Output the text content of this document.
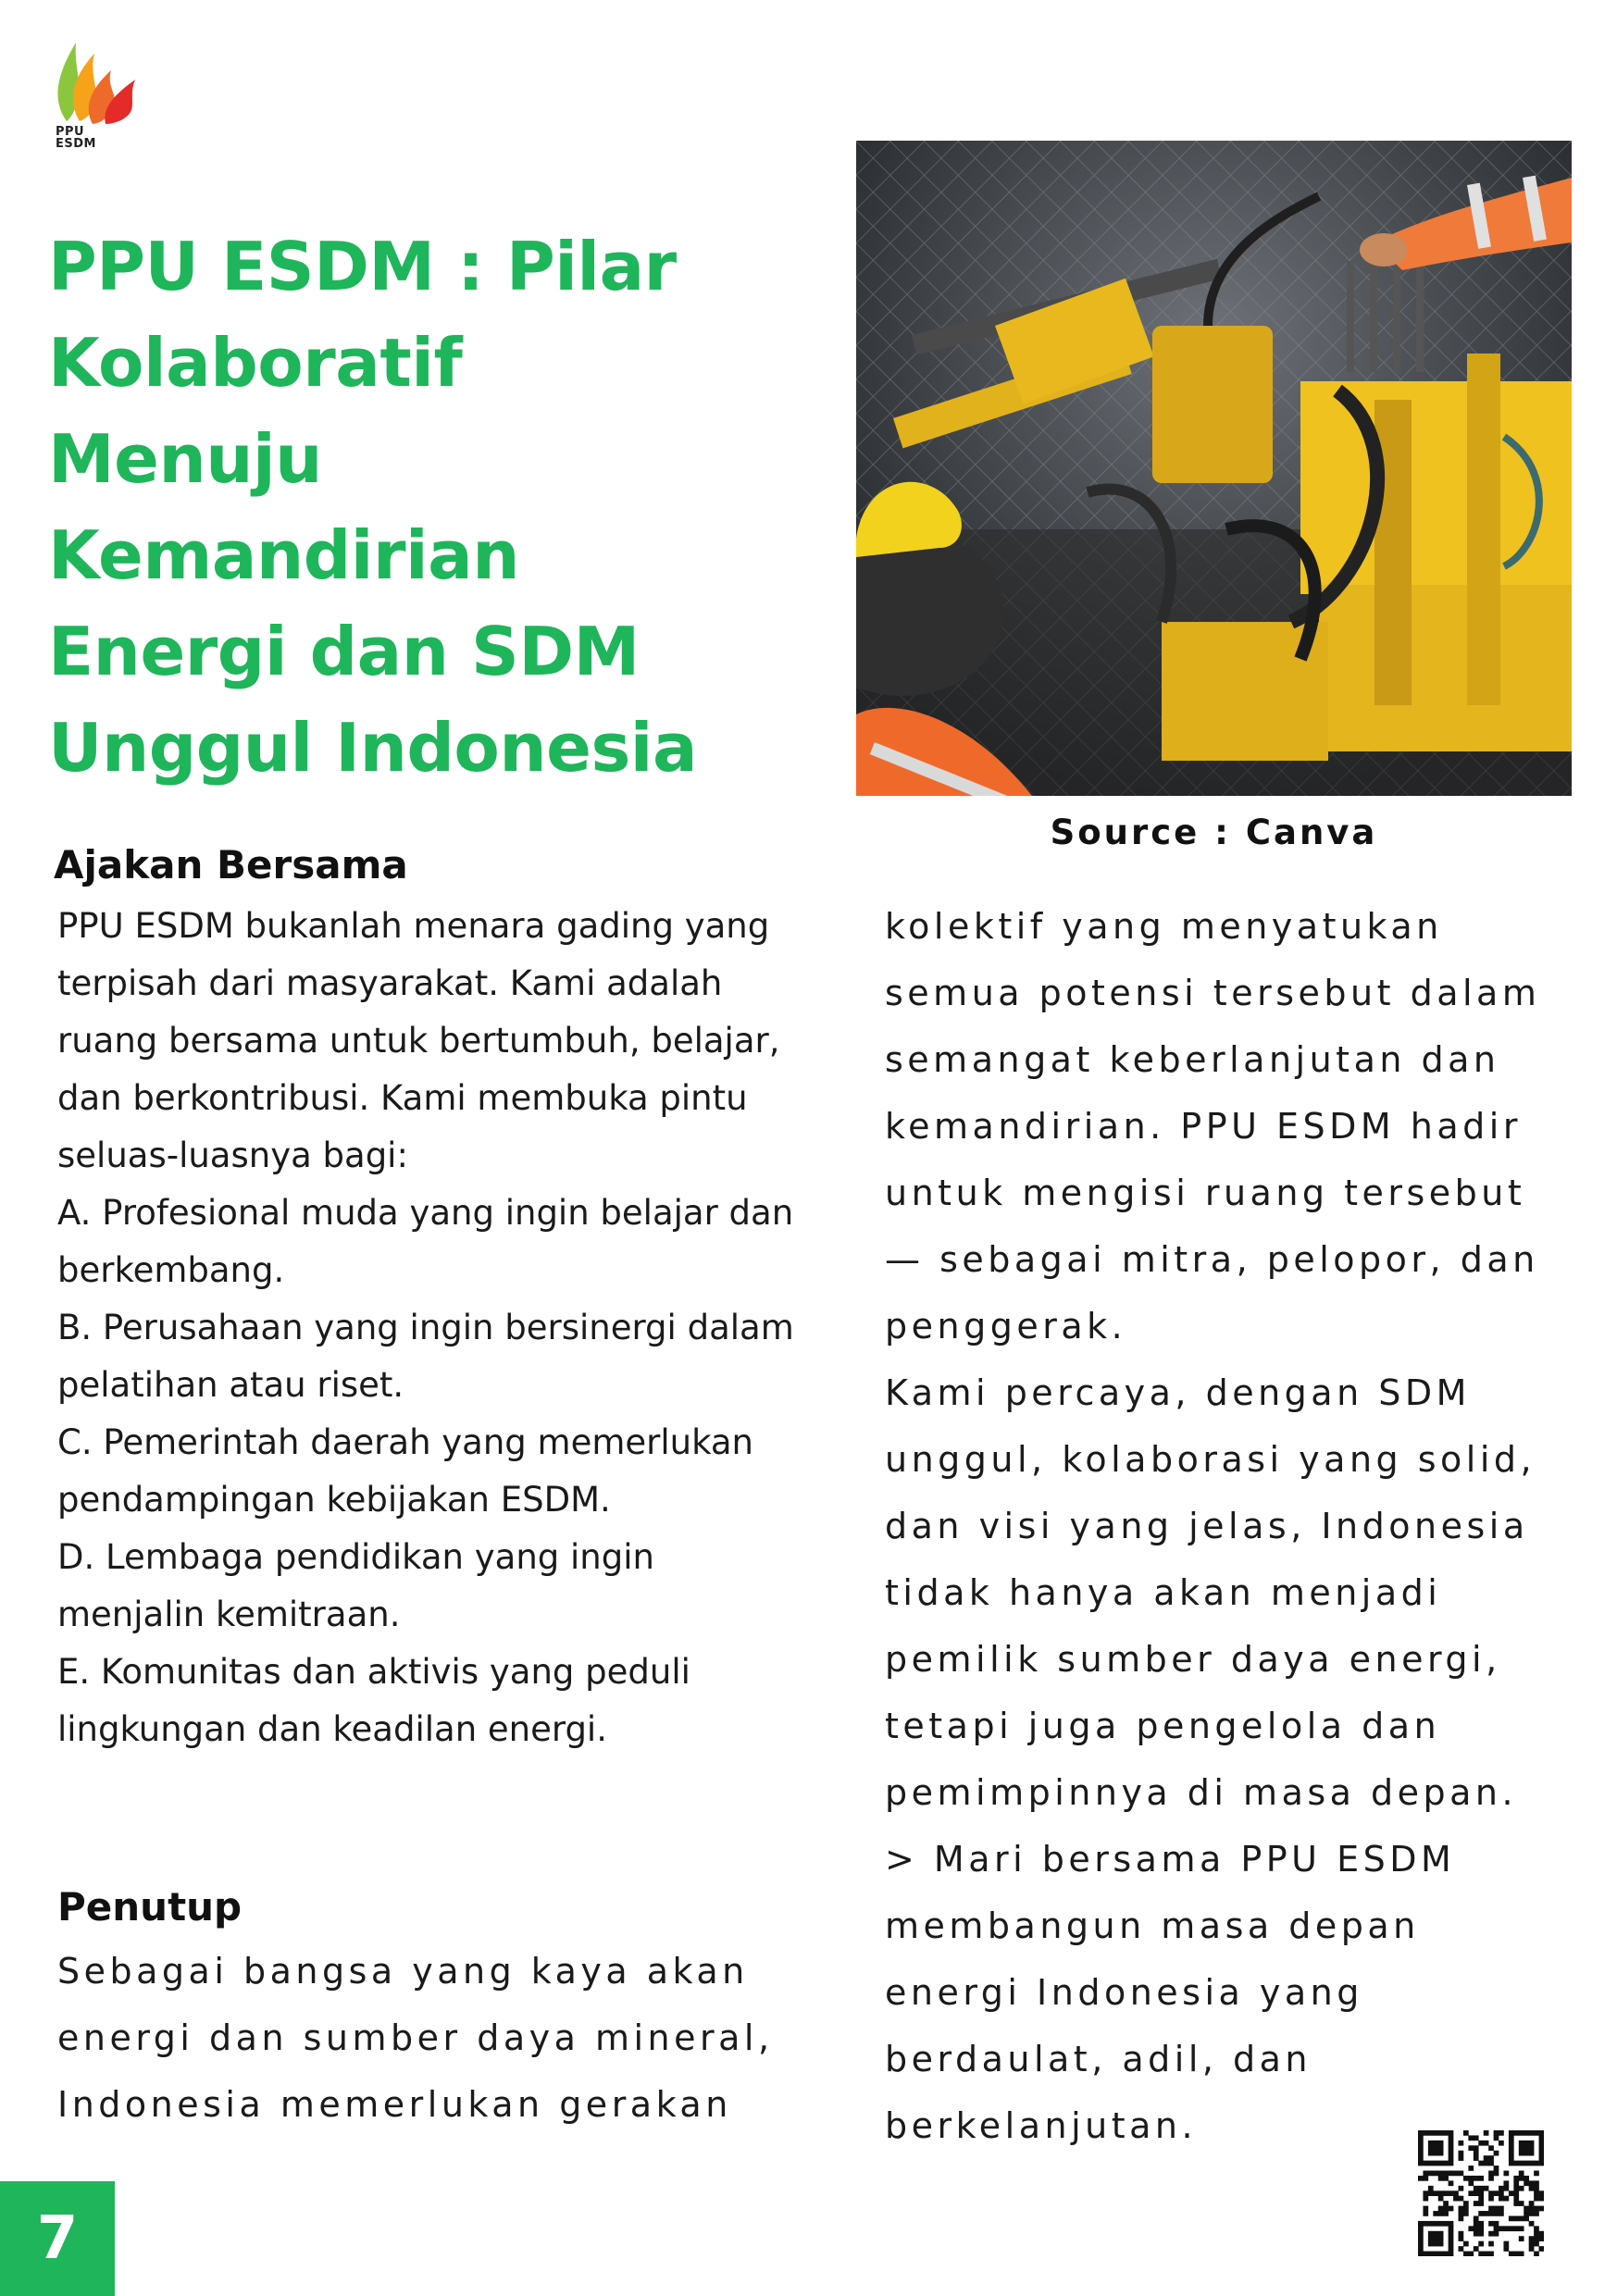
PPU
ESDM
PPU ESDM : Pilar
Kolaboratif
Menuju
Kemandirian
Energi dan SDM
Unggul Indonesia
Source : Canva
Ajakan Bersama

PPU ESDM bukanlah menara gading yang terpisah dari masyarakat. Kami adalah ruang bersama untuk bertumbuh, belajar, dan berkontribusi. Kami membuka pintu seluas-luasnya bagi:

A. Profesional muda yang ingin belajar dan berkembang.

B. Perusahaan yang ingin bersinergi dalam pelatihan atau riset.

C. Pemerintah daerah yang memerlukan pendampingan kebijakan ESDM.

D. Lembaga pendidikan yang ingin menjalin kemitraan.

E. Komunitas dan aktivis yang peduli lingkungan dan keadilan energi.

Penutup

Sebagai bangsa yang kaya akan energi dan sumber daya mineral, Indonesia memerlukan gerakan

kolektif yang menyatukan semua potensi tersebut dalam semangat keberlanjutan dan kemandirian. PPU ESDM hadir untuk mengisi ruang tersebut — sebagai mitra, pelopor, dan penggerak.

Kami percaya, dengan SDM unggul, kolaborasi yang solid, dan visi yang jelas, Indonesia tidak hanya akan menjadi pemilik sumber daya energi, tetapi juga pengelola dan pemimpinnya di masa depan.

> Mari bersama PPU ESDM membangun masa depan energi Indonesia yang berdaulat, adil, dan berkelanjutan.

7
